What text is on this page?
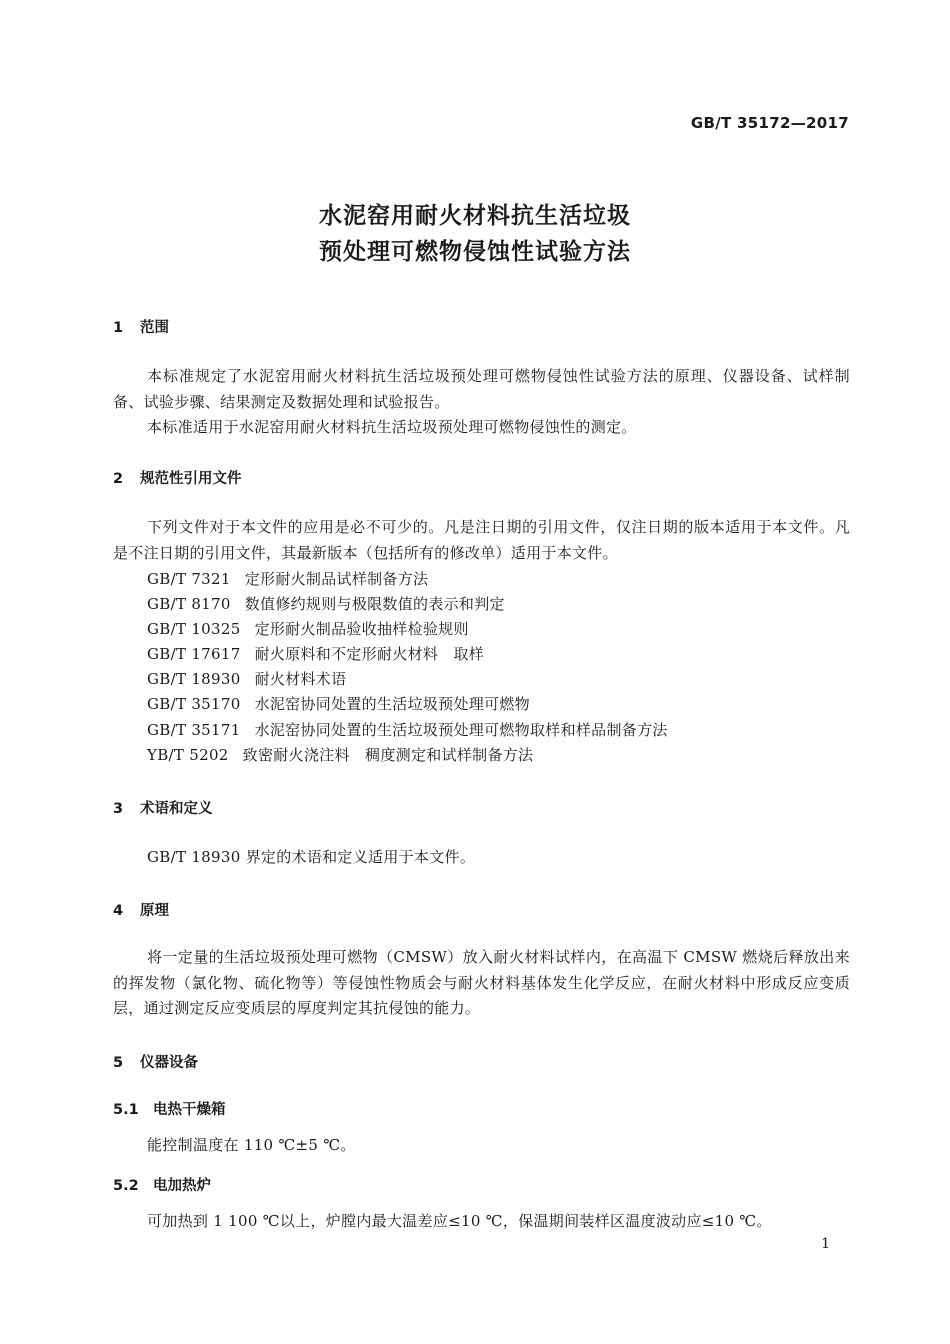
GB/T 35172—2017
水泥窑用耐火材料抗生活垃圾
预处理可燃物侵蚀性试验方法
1 范围
本标准规定了水泥窑用耐火材料抗生活垃圾预处理可燃物侵蚀性试验方法的原理、仪器设备、试样制备、试验步骤、结果测定及数据处理和试验报告。
本标准适用于水泥窑用耐火材料抗生活垃圾预处理可燃物侵蚀性的测定。
2 规范性引用文件
下列文件对于本文件的应用是必不可少的。凡是注日期的引用文件，仅注日期的版本适用于本文件。凡是不注日期的引用文件，其最新版本（包括所有的修改单）适用于本文件。
GB/T 7321 定形耐火制品试样制备方法
GB/T 8170 数值修约规则与极限数值的表示和判定
GB/T 10325 定形耐火制品验收抽样检验规则
GB/T 17617 耐火原料和不定形耐火材料　取样
GB/T 18930 耐火材料术语
GB/T 35170 水泥窑协同处置的生活垃圾预处理可燃物
GB/T 35171 水泥窑协同处置的生活垃圾预处理可燃物取样和样品制备方法
YB/T 5202 致密耐火浇注料　稠度测定和试样制备方法
3 术语和定义
GB/T 18930 界定的术语和定义适用于本文件。
4 原理
将一定量的生活垃圾预处理可燃物（CMSW）放入耐火材料试样内，在高温下 CMSW 燃烧后释放出来的挥发物（氯化物、硫化物等）等侵蚀性物质会与耐火材料基体发生化学反应，在耐火材料中形成反应变质层，通过测定反应变质层的厚度判定其抗侵蚀的能力。
5 仪器设备
5.1 电热干燥箱
能控制温度在 110 ℃±5 ℃。
5.2 电加热炉
可加热到 1 100 ℃以上，炉膛内最大温差应≤10 ℃，保温期间装样区温度波动应≤10 ℃。
1
